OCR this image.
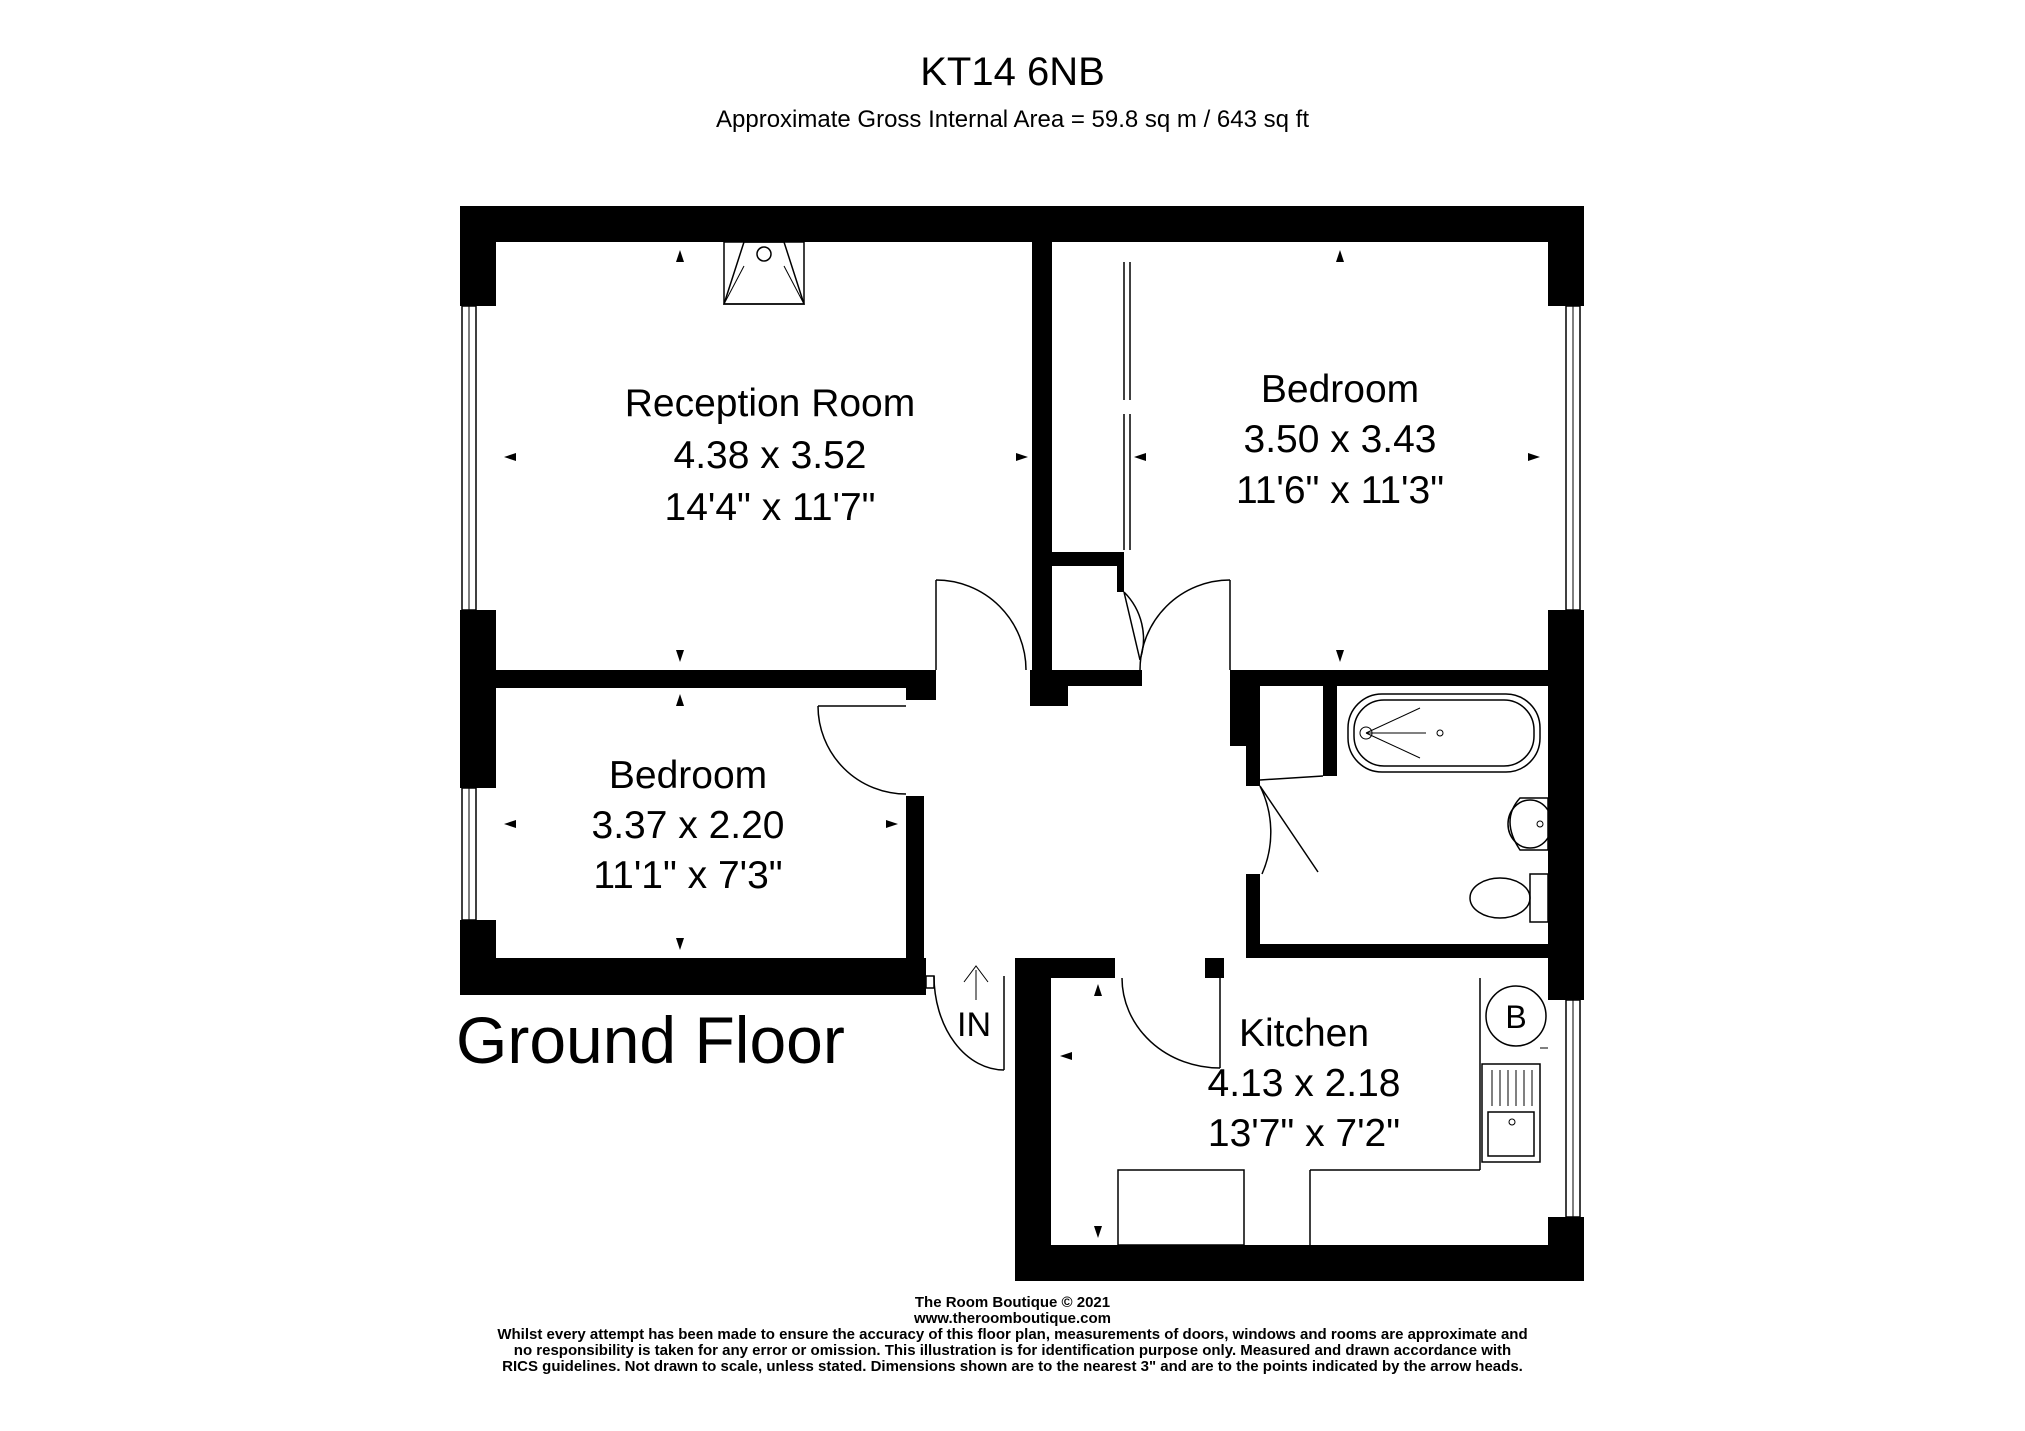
KT14 6NB
Approximate Gross Internal Area = 59.8 sq m / 643 sq ft
Reception Room
4.38 x 3.52
14'4" x 11'7"
Bedroom
3.50 x 3.43
11'6" x 11'3"
Bedroom
3.37 x 2.20
11'1" x 7'3"
Kitchen
4.13 x 2.18
13'7" x 7'2"
IN	B
Ground Floor
The Room Boutique © 2021
www.theroomboutique.com
Whilst every attempt has been made to ensure the accuracy of this floor plan, measurements of doors, windows and rooms are approximate and
no responsibility is taken for any error or omission. This illustration is for identification purpose only. Measured and drawn accordance with
RICS guidelines. Not drawn to scale, unless stated. Dimensions shown are to the nearest 3" and are to the points indicated by the arrow heads.
